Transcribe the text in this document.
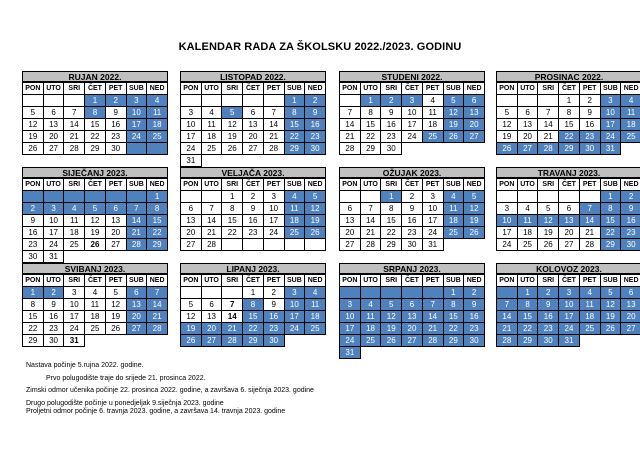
KALENDAR RADA ZA ŠKOLSKU 2022./2023. GODINU
RUJAN 2022.
PON	UTO	SRI	ČET	PET	SUB	NED
			1	2	3	4
5	6	7	8	9	10	11
12	13	14	15	16	17	18
19	20	21	22	23	24	25
26	27	28	29	30		
LISTOPAD 2022.
PON	UTO	SRI	ČET	PET	SUB	NED
					1	2
3	4	5	6	7	8	9
10	11	12	13	14	15	16
17	18	19	20	21	22	23
24	25	26	27	28	29	30
31						
STUDENI 2022.
PON	UTO	SRI	ČET	PET	SUB	NED
	1	2	3	4	5	6
7	8	9	10	11	12	13
14	15	16	17	18	19	20
21	22	23	24	25	26	27
28	29	30				
PROSINAC 2022.
PON	UTO	SRI	ČET	PET	SUB	NED
			1	2	3	4
5	6	7	8	9	10	11
12	13	14	15	16	17	18
19	20	21	22	23	24	25
26	27	28	29	30	31	
SIJEČANJ 2023.
PON	UTO	SRI	ČET	PET	SUB	NED
						1
2	3	4	5	6	7	8
9	10	11	12	13	14	15
16	17	18	19	20	21	22
23	24	25	26	27	28	29
30	31					
VELJAČA 2023.
PON	UTO	SRI	ČET	PET	SUB	NED
		1	2	3	4	5
6	7	8	9	10	11	12
13	14	15	16	17	18	19
20	21	22	23	24	25	26
27	28					
OŽUJAK 2023.
PON	UTO	SRI	ČET	PET	SUB	NED
		1	2	3	4	5
6	7	8	9	10	11	12
13	14	15	16	17	18	19
20	21	22	23	24	25	26
27	28	29	30	31		
TRAVANJ 2023.
PON	UTO	SRI	ČET	PET	SUB	NED
					1	2
3	4	5	6	7	8	9
10	11	12	13	14	15	16
17	18	19	20	21	22	23
24	25	26	27	28	29	30
SVIBANJ 2023.
PON	UTO	SRI	ČET	PET	SUB	NED
1	2	3	4	5	6	7
8	9	10	11	12	13	14
15	16	17	18	19	20	21
22	23	24	25	26	27	28
29	30	31				
LIPANJ 2023.
PON	UTO	SRI	ČET	PET	SUB	NED
			1	2	3	4
5	6	7	8	9	10	11
12	13	14	15	16	17	18
19	20	21	22	23	24	25
26	27	28	29	30		
SRPANJ 2023.
PON	UTO	SRI	ČET	PET	SUB	NED
					1	2
3	4	5	6	7	8	9
10	11	12	13	14	15	16
17	18	19	20	21	22	23
24	25	26	27	28	29	30
31						
KOLOVOZ 2023.
PON	UTO	SRI	ČET	PET	SUB	NED
	1	2	3	4	5	6
7	8	9	10	11	12	13
14	15	16	17	18	19	20
21	22	23	24	25	26	27
28	29	30	31			
Nastava počinje 5.rujna 2022. godine.
Prvo polugodište traje do srijede 21. prosinca 2022.
Zimski odmor učenika počinje 22. prosinca 2022. godine, a završava 6. siječnja 2023. godine
Drugo polugodište počinje u ponedjeljak 9.siječnja 2023. godine
Proljetni odmor počinje 6. travnja 2023. godine, a završava 14. travnja 2023. godine
